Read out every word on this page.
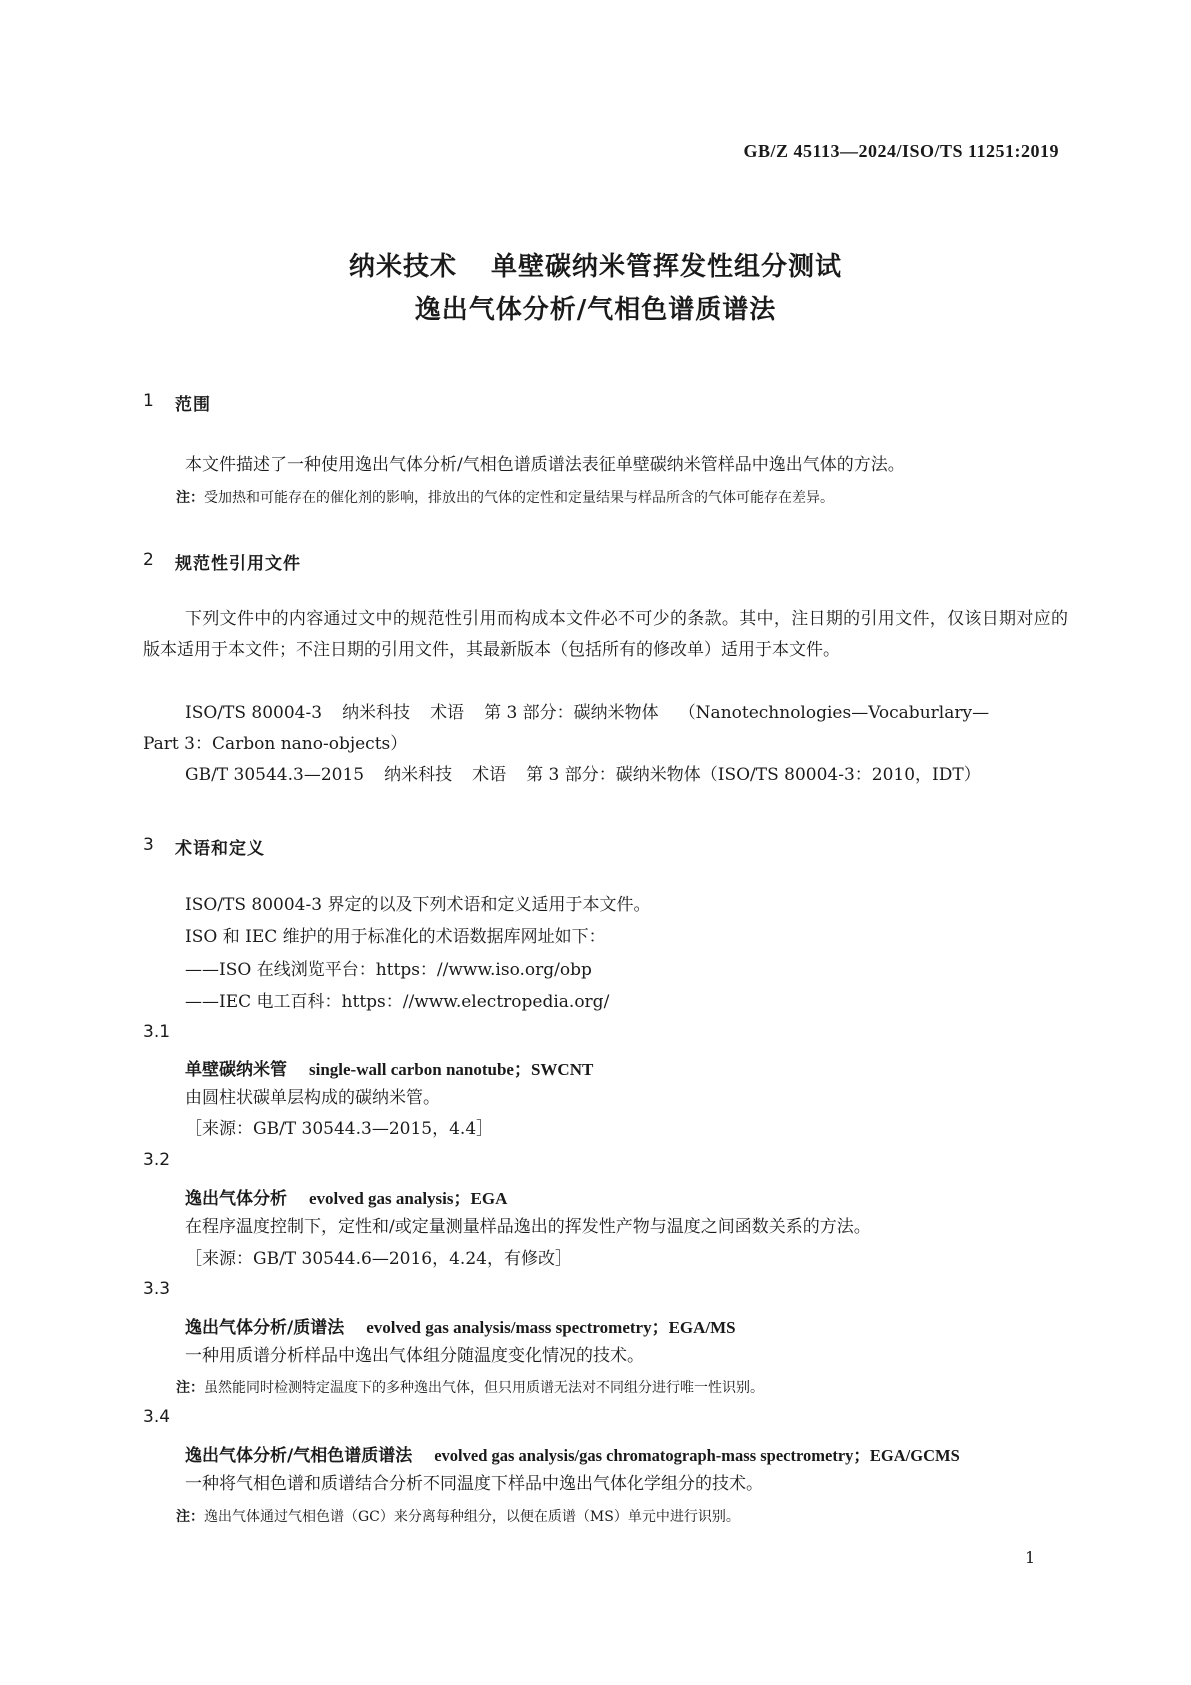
GB/Z 45113—2024/ISO/TS 11251:2019
纳米技术 单壁碳纳米管挥发性组分测试
逸出气体分析/气相色谱质谱法
1 范围
本文件描述了一种使用逸出气体分析/气相色谱质谱法表征单壁碳纳米管样品中逸出气体的方法。
注：受加热和可能存在的催化剂的影响，排放出的气体的定性和定量结果与样品所含的气体可能存在差异。
2 规范性引用文件
下列文件中的内容通过文中的规范性引用而构成本文件必不可少的条款。其中，注日期的引用文件，仅该日期对应的版本适用于本文件；不注日期的引用文件，其最新版本（包括所有的修改单）适用于本文件。
ISO/TS 80004-3 纳米科技 术语 第 3 部分：碳纳米物体 （Nanotechnologies—Vocaburlary—
Part 3：Carbon nano-objects）
GB/T 30544.3—2015 纳米科技 术语 第 3 部分：碳纳米物体（ISO/TS 80004-3：2010，IDT）
3 术语和定义
ISO/TS 80004-3 界定的以及下列术语和定义适用于本文件。
ISO 和 IEC 维护的用于标准化的术语数据库网址如下：
——ISO 在线浏览平台：https：//www.iso.org/obp
——IEC 电工百科：https：//www.electropedia.org/
3.1
单壁碳纳米管 single-wall carbon nanotube；SWCNT
由圆柱状碳单层构成的碳纳米管。
［来源：GB/T 30544.3—2015，4.4］
3.2
逸出气体分析 evolved gas analysis；EGA
在程序温度控制下，定性和/或定量测量样品逸出的挥发性产物与温度之间函数关系的方法。
［来源：GB/T 30544.6—2016，4.24，有修改］
3.3
逸出气体分析/质谱法 evolved gas analysis/mass spectrometry；EGA/MS
一种用质谱分析样品中逸出气体组分随温度变化情况的技术。
注：虽然能同时检测特定温度下的多种逸出气体，但只用质谱无法对不同组分进行唯一性识别。
3.4
逸出气体分析/气相色谱质谱法 evolved gas analysis/gas chromatograph-mass spectrometry；EGA/GCMS
一种将气相色谱和质谱结合分析不同温度下样品中逸出气体化学组分的技术。
注：逸出气体通过气相色谱（GC）来分离每种组分，以便在质谱（MS）单元中进行识别。
1
